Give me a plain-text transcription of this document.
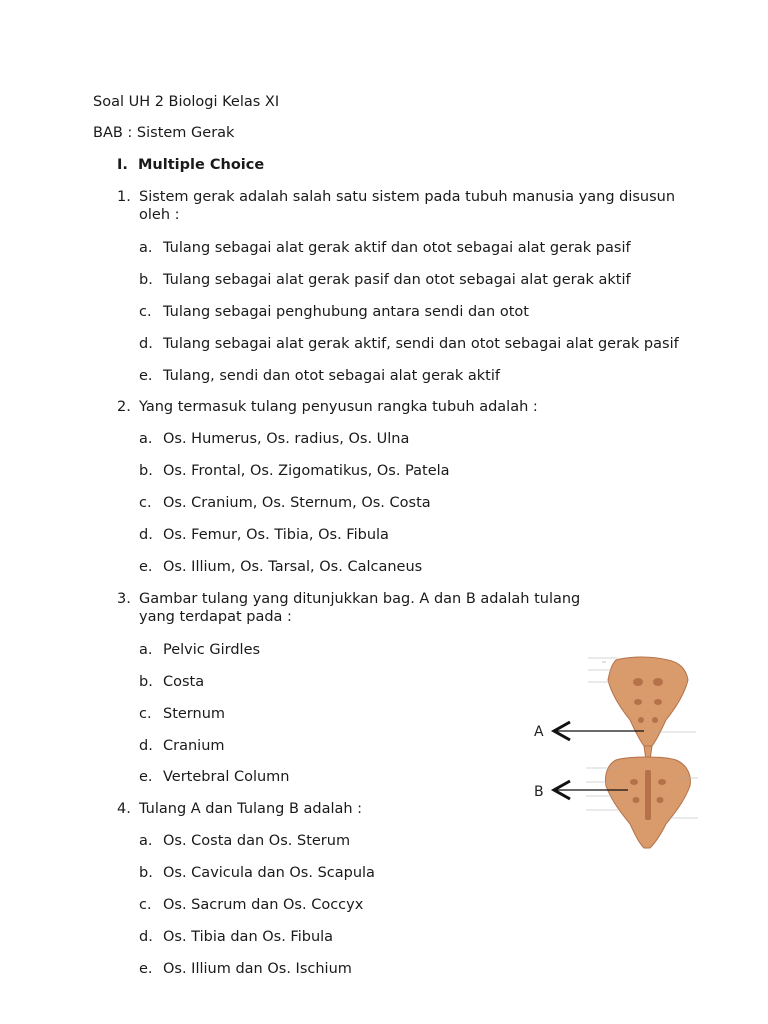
Soal UH 2 Biologi Kelas XI
BAB : Sistem Gerak
I. Multiple Choice
1. Sistem gerak adalah salah satu sistem pada tubuh manusia yang disusun oleh :
a. Tulang sebagai alat gerak aktif dan otot sebagai alat gerak pasif
b. Tulang sebagai alat gerak pasif dan otot sebagai alat gerak aktif
c. Tulang sebagai penghubung antara sendi dan otot
d. Tulang sebagai alat gerak aktif, sendi dan otot sebagai alat gerak pasif
e. Tulang, sendi dan otot sebagai alat gerak aktif
2. Yang termasuk tulang penyusun rangka tubuh adalah :
a. Os. Humerus, Os. radius, Os. Ulna
b. Os. Frontal, Os. Zigomatikus, Os. Patela
c. Os. Cranium, Os. Sternum, Os. Costa
d. Os. Femur, Os. Tibia, Os. Fibula
e. Os. Illium, Os. Tarsal, Os. Calcaneus
3. Gambar tulang yang ditunjukkan bag. A dan B adalah tulang yang terdapat pada :
a. Pelvic Girdles
b. Costa
c. Sternum
d. Cranium
e. Vertebral Column
4. Tulang A dan Tulang B adalah :
a. Os. Costa dan Os. Sterum
b. Os. Cavicula dan Os. Scapula
c. Os. Sacrum dan Os. Coccyx
d. Os. Tibia dan Os. Fibula
e. Os. Illium dan Os. Ischium
A
B
